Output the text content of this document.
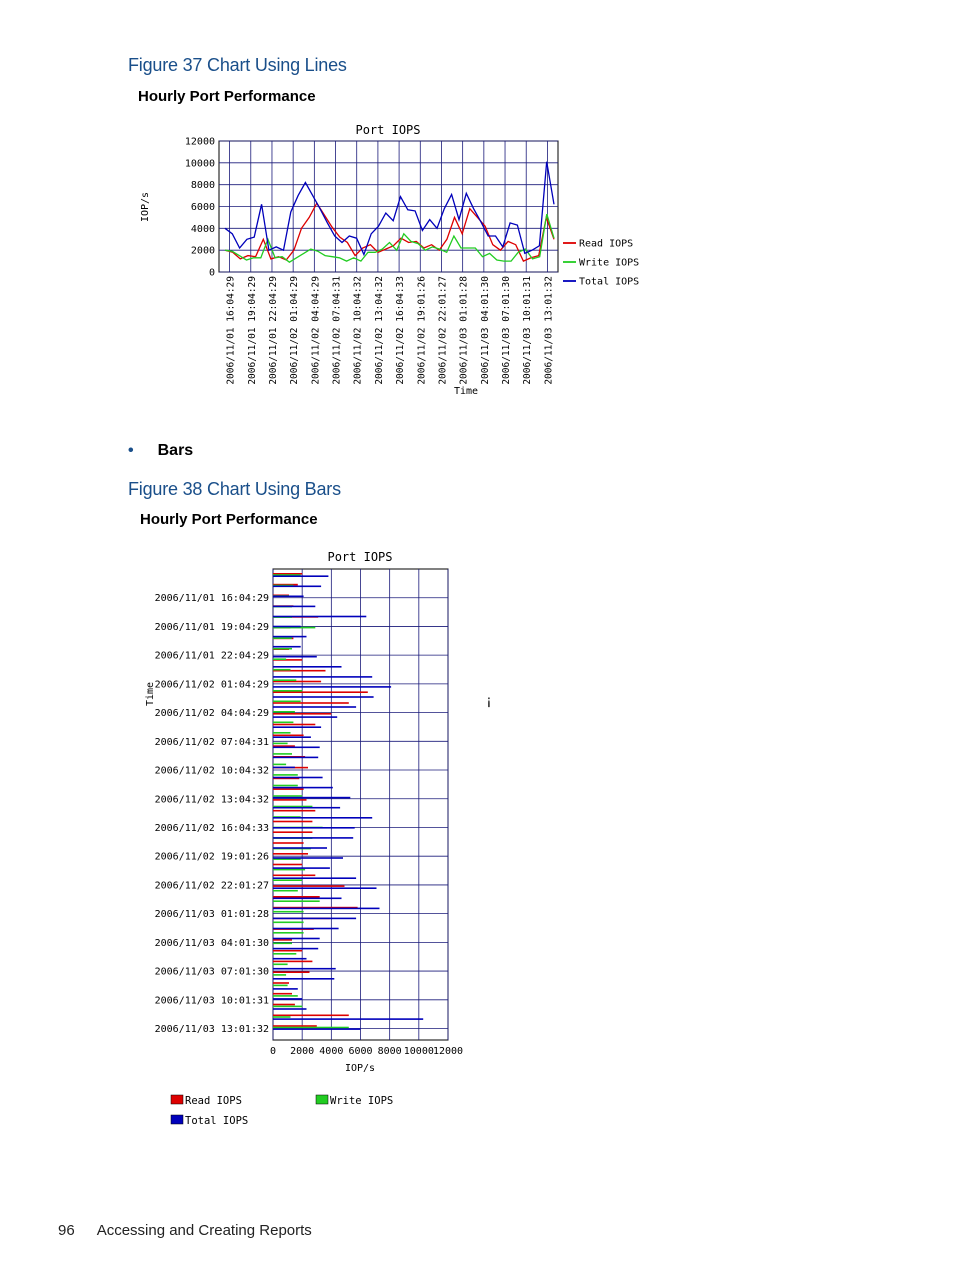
Figure 37 Chart Using Lines
Hourly Port Performance
Port IOPS
IOP/s
Time
0
2000
4000
6000
8000
10000
12000
2006/11/01 16:04:29 2006/11/01 19:04:29 2006/11/01 22:04:29 2006/11/02 01:04:29 2006/11/02 04:04:29 2006/11/02 07:04:31 2006/11/02 10:04:32 2006/11/02 13:04:32 2006/11/02 16:04:33 2006/11/02 19:01:26 2006/11/02 22:01:27 2006/11/03 01:01:28 2006/11/03 04:01:30 2006/11/03 07:01:30 2006/11/03 10:01:31 2006/11/03 13:01:32
Read IOPS
Write IOPS
Total IOPS
• Bars
Figure 38 Chart Using Bars
Hourly Port Performance
Port IOPS
Time
IOP/s
2006/11/01 16:04:29
2006/11/01 19:04:29
2006/11/01 22:04:29
2006/11/02 01:04:29
2006/11/02 04:04:29
2006/11/02 07:04:31
2006/11/02 10:04:32
2006/11/02 13:04:32
2006/11/02 16:04:33
2006/11/02 19:01:26
2006/11/02 22:01:27
2006/11/03 01:01:28
2006/11/03 04:01:30
2006/11/03 07:01:30
2006/11/03 10:01:31
2006/11/03 13:01:32
0 2000 4000 6000 8000 10000 12000
Read IOPS	Write IOPS
Total IOPS
¡
96 Accessing and Creating Reports
